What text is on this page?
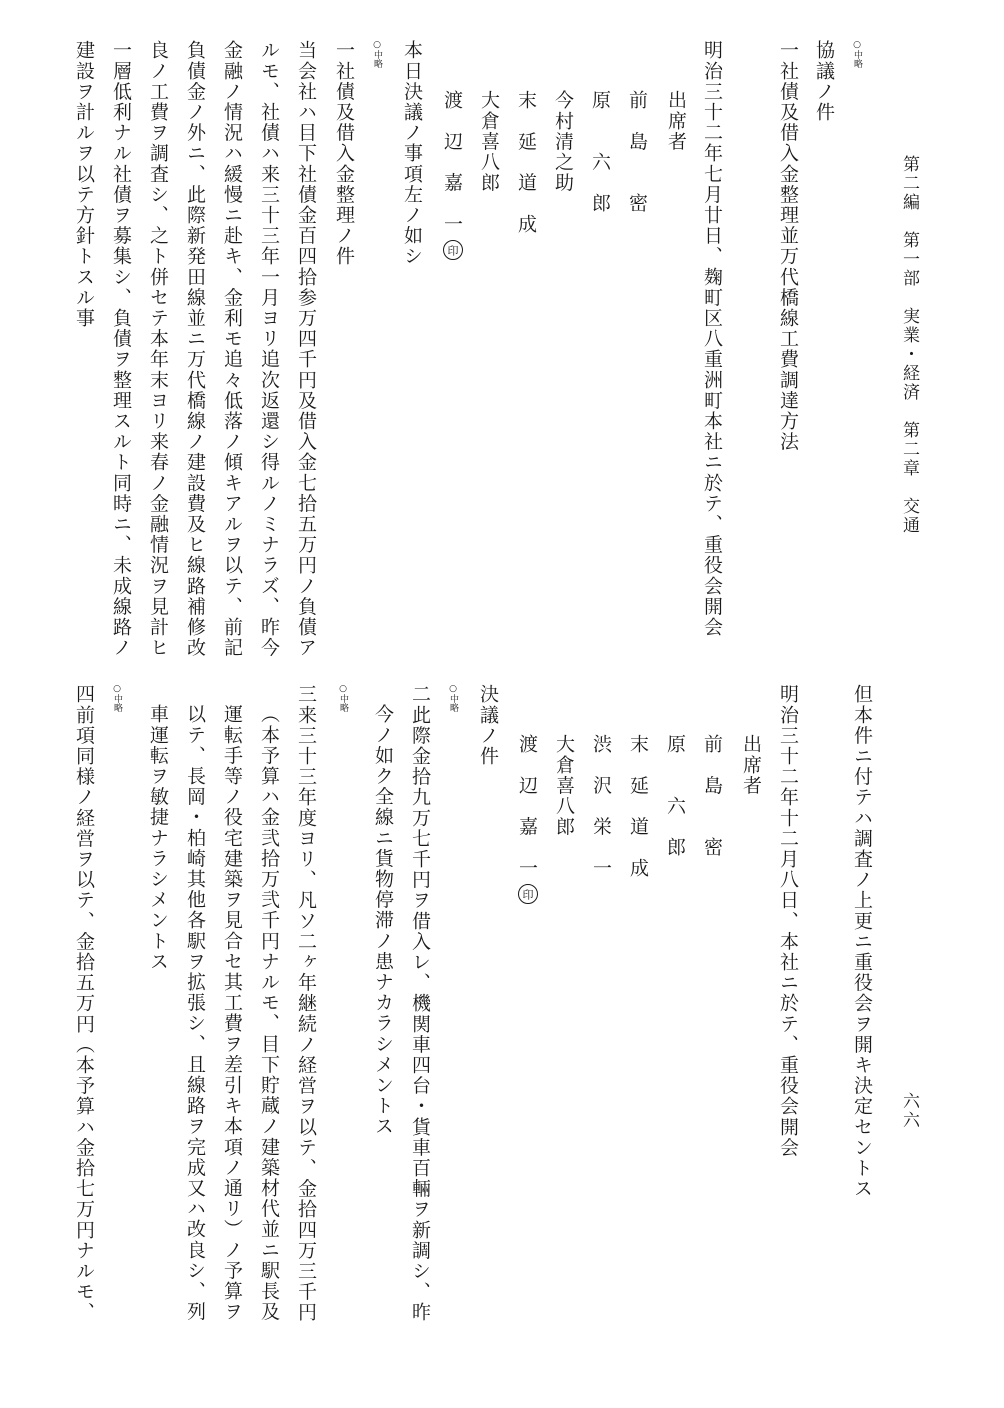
第二編　第一部　実業・経済　第二章　交通
六六
○中略
協議ノ件
一社債及借入金整理並万代橋線工費調達方法
明治三十二年七月廿日、麹町区八重洲町本社ニ於テ、重役会開会
出席者
前　島　　密
原　　六　郎
今村清之助
末　延　道　成
大倉喜八郎
渡　辺　嘉　一印
本日決議ノ事項左ノ如シ
○中略
一社債及借入金整理ノ件
当会社ハ目下社債金百四拾参万四千円及借入金七拾五万円ノ負債ア
ルモ、社債ハ来三十三年一月ヨリ追次返還シ得ルノミナラズ、昨今
金融ノ情況ハ緩慢ニ赴キ、金利モ追々低落ノ傾キアルヲ以テ、前記
負債金ノ外ニ、此際新発田線並ニ万代橋線ノ建設費及ヒ線路補修改
良ノ工費ヲ調査シ、之ト併セテ本年末ヨリ来春ノ金融情況ヲ見計ヒ
一層低利ナル社債ヲ募集シ、負債ヲ整理スルト同時ニ、未成線路ノ
建設ヲ計ルヲ以テ方針トスル事
但本件ニ付テハ調査ノ上更ニ重役会ヲ開キ決定セントス
明治三十二年十二月八日、本社ニ於テ、重役会開会
出席者
前　島　　密
原　　六　郎
末　延　道　成
渋　沢　栄　一
大倉喜八郎
渡　辺　嘉　一印
決議ノ件
○中略
二此際金拾九万七千円ヲ借入レ、機関車四台・貨車百輛ヲ新調シ、昨
今ノ如ク全線ニ貨物停滞ノ患ナカラシメントス
○中略
三来三十三年度ヨリ、凡ソ二ヶ年継続ノ経営ヲ以テ、金拾四万三千円
（本予算ハ金弐拾万弐千円ナルモ、目下貯蔵ノ建築材代並ニ駅長及
運転手等ノ役宅建築ヲ見合セ其工費ヲ差引キ本項ノ通リ）ノ予算ヲ
以テ、長岡・柏崎其他各駅ヲ拡張シ、且線路ヲ完成又ハ改良シ、列
車運転ヲ敏捷ナラシメントス
○中略
四前項同様ノ経営ヲ以テ、金拾五万円（本予算ハ金拾七万円ナルモ、
